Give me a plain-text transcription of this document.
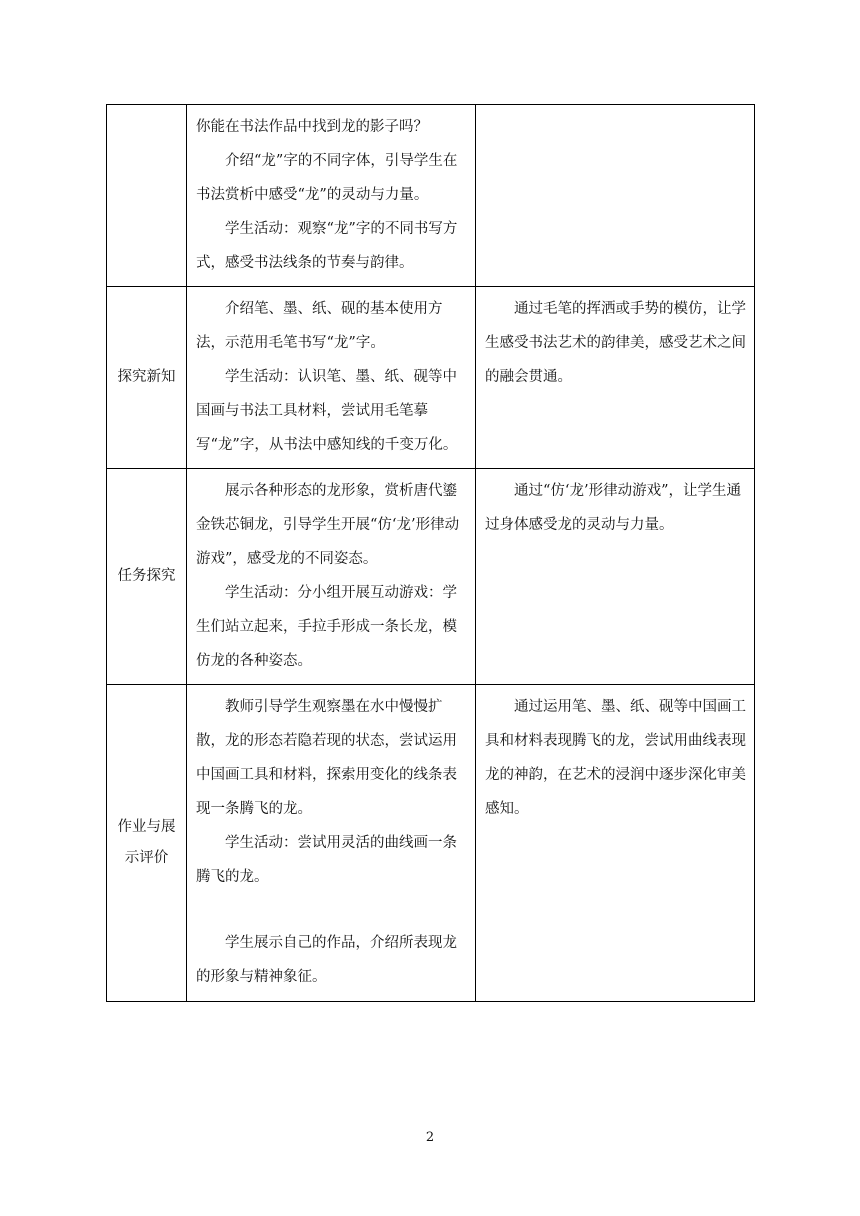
	你能在书法作品中找到龙的影子吗？

介绍“龙”字的不同字体，引导学生在书法赏析中感受“龙”的灵动与力量。

学生活动：观察“龙”字的不同书写方式，感受书法线条的节奏与韵律。	

探究新知	介绍笔、墨、纸、砚的基本使用方法，示范用毛笔书写“龙”字。

学生活动：认识笔、墨、纸、砚等中国画与书法工具材料，尝试用毛笔摹写“龙”字，从书法中感知线的千变万化。	通过毛笔的挥洒或手势的模仿，让学生感受书法艺术的韵律美，感受艺术之间的融会贯通。

任务探究	展示各种形态的龙形象，赏析唐代鎏金铁芯铜龙，引导学生开展“仿‘龙’形律动游戏”，感受龙的不同姿态。

学生活动：分小组开展互动游戏：学生们站立起来，手拉手形成一条长龙，模仿龙的各种姿态。	通过“仿‘龙’形律动游戏”，让学生通过身体感受龙的灵动与力量。

作业与展示评价	教师引导学生观察墨在水中慢慢扩散，龙的形态若隐若现的状态，尝试运用中国画工具和材料，探索用变化的线条表现一条腾飞的龙。

学生活动：尝试用灵活的曲线画一条腾飞的龙。

学生展示自己的作品，介绍所表现龙的形象与精神象征。	通过运用笔、墨、纸、砚等中国画工具和材料表现腾飞的龙，尝试用曲线表现龙的神韵，在艺术的浸润中逐步深化审美感知。

2
